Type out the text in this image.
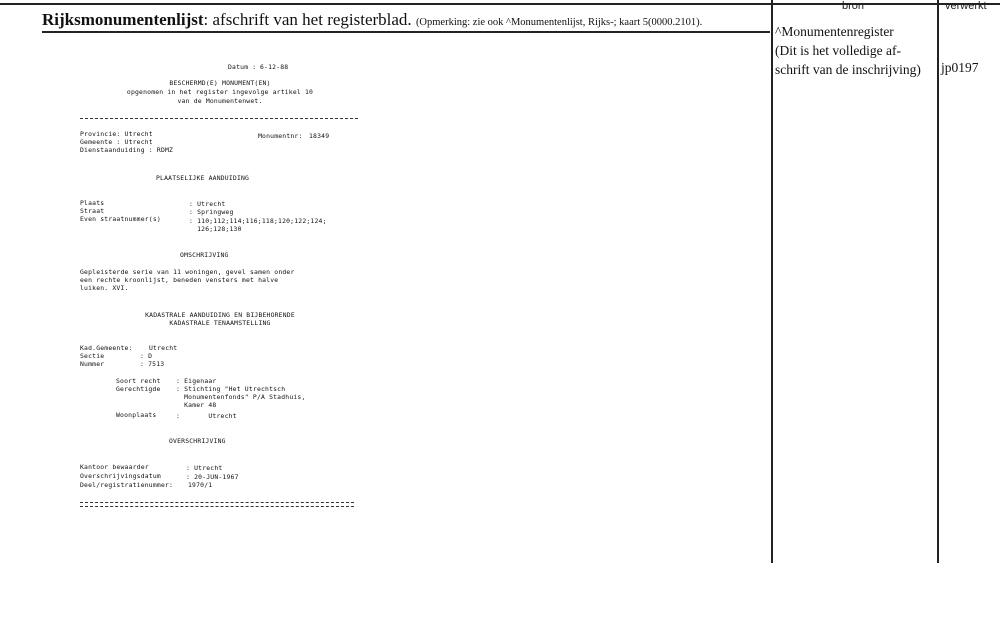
Rijksmonumentenlijst: afschrift van het registerblad. (Opmerking: zie ook ^Monumentenlijst, Rijks-; kaart 5(0000.2101).
bron	verwerkt
^Monumentenregister
(Dit is het volledige af-
schrift van de inschrijving)	jp0197
Datum : 6-12-88
BESCHERMD(E) MONUMENT(EN)
opgenomen in het register ingevolge artikel 10
van de Monumentenwet.
Provincie: Utrecht	Monumentnr: 18349
Gemeente : Utrecht
Dienstaanduiding : RDMZ
PLAATSELIJKE AANDUIDING
Plaats	: Utrecht
Straat	: Springweg
Even straatnummer(s)	: 110;112;114;116;118;120;122;124;
126;128;130
OMSCHRIJVING
Gepleisterde serie van 11 woningen, gevel samen onder
een rechte kroonlijst, beneden vensters met halve
luiken. XVI.
KADASTRALE AANDUIDING EN BIJBEHORENDE
KADASTRALE TENAAMSTELLING
Kad.Gemeente:	Utrecht
Sectie	: D
Nummer	: 7513
Soort recht : Eigenaar
Gerechtigde : Stichting "Het Utrechtsch
Monumentenfonds" P/A Stadhuis,
Kamer 48
Woonplaats	:       Utrecht
OVERSCHRIJVING
Kantoor bewaarder	: Utrecht
Overschrijvingsdatum	: 20-JUN-1967
Deel/registratienummer: 1970/1
